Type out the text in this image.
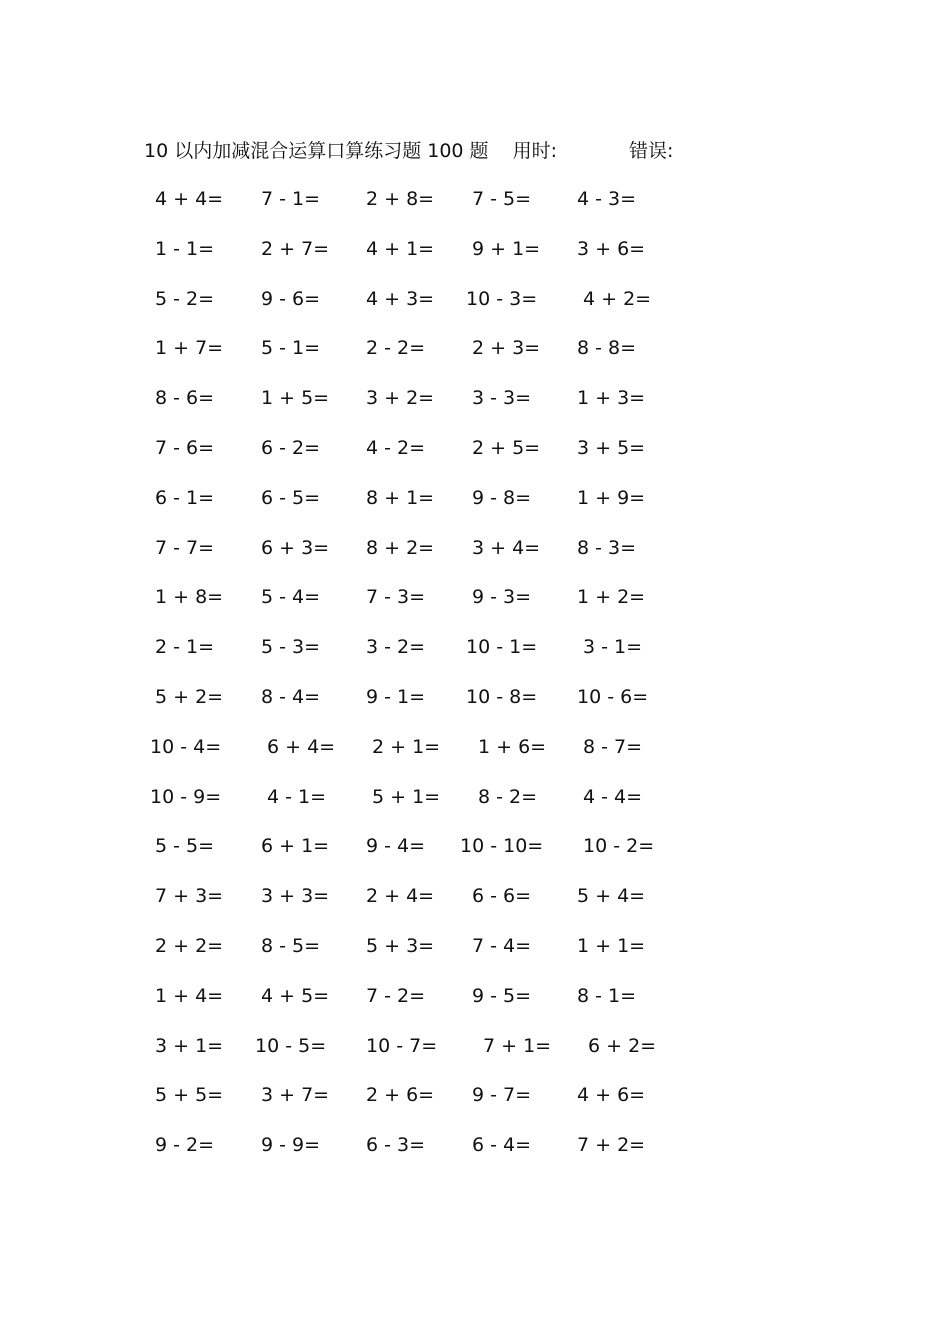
10 以内加减混合运算口算练习题 100 题 用时:	错误:
4 + 4= 7 - 1= 2 + 8= 7 - 5= 4 - 3=
1 - 1= 2 + 7= 4 + 1= 9 + 1= 3 + 6=
5 - 2= 9 - 6= 4 + 3= 10 - 3= 4 + 2=
1 + 7= 5 - 1= 2 - 2= 2 + 3= 8 - 8=
8 - 6= 1 + 5= 3 + 2= 3 - 3= 1 + 3=
7 - 6= 6 - 2= 4 - 2= 2 + 5= 3 + 5=
6 - 1= 6 - 5= 8 + 1= 9 - 8= 1 + 9=
7 - 7= 6 + 3= 8 + 2= 3 + 4= 8 - 3=
1 + 8= 5 - 4= 7 - 3= 9 - 3= 1 + 2=
2 - 1= 5 - 3= 3 - 2= 10 - 1= 3 - 1=
5 + 2= 8 - 4= 9 - 1= 10 - 8= 10 - 6=
10 - 4= 6 + 4= 2 + 1= 1 + 6= 8 - 7=
10 - 9= 4 - 1= 5 + 1= 8 - 2= 4 - 4=
5 - 5= 6 + 1= 9 - 4= 10 - 10= 10 - 2=
7 + 3= 3 + 3= 2 + 4= 6 - 6= 5 + 4=
2 + 2= 8 - 5= 5 + 3= 7 - 4= 1 + 1=
1 + 4= 4 + 5= 7 - 2= 9 - 5= 8 - 1=
3 + 1= 10 - 5= 10 - 7= 7 + 1= 6 + 2=
5 + 5= 3 + 7= 2 + 6= 9 - 7= 4 + 6=
9 - 2= 9 - 9= 6 - 3= 6 - 4= 7 + 2=
